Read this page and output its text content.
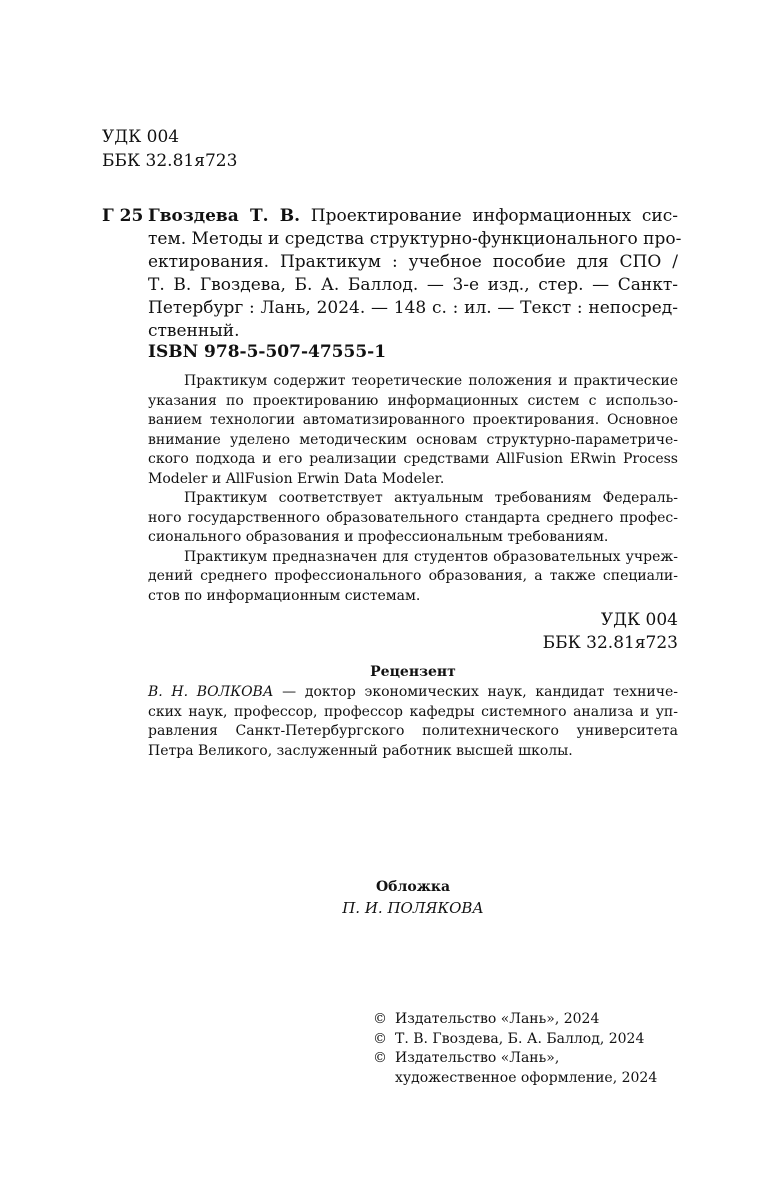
УДК 004
ББК 32.81я723
Г 25 Гвоздева Т. В. Проектирование информационных сис-
тем. Методы и средства структурно-функционального про-
ектирования. Практикум : учебное пособие для СПО /
Т. В. Гвоздева, Б. А. Баллод. — 3-е изд., стер. — Санкт-
Петербург : Лань, 2024. — 148 с. : ил. — Текст : непосред-
ственный.
ISBN 978-5-507-47555-1
Практикум содержит теоретические положения и практические
указания по проектированию информационных систем с использо-
ванием технологии автоматизированного проектирования. Основное
внимание уделено методическим основам структурно-параметриче-
ского подхода и его реализации средствами AllFusion ERwin Process
Modeler и AllFusion Erwin Data Modeler.
Практикум соответствует актуальным требованиям Федераль-
ного государственного образовательного стандарта среднего профес-
сионального образования и профессиональным требованиям.
Практикум предназначен для студентов образовательных учреж-
дений среднего профессионального образования, а также специали-
стов по информационным системам.
УДК 004
ББК 32.81я723
Рецензент
В. Н. ВОЛКОВА — доктор экономических наук, кандидат техниче-
ских наук, профессор, профессор кафедры системного анализа и уп-
равления Санкт-Петербургского политехнического университета
Петра Великого, заслуженный работник высшей школы.
Обложка
П. И. ПОЛЯКОВА
© Издательство «Лань», 2024
© Т. В. Гвоздева, Б. А. Баллод, 2024
© Издательство «Лань»,
художественное оформление, 2024
